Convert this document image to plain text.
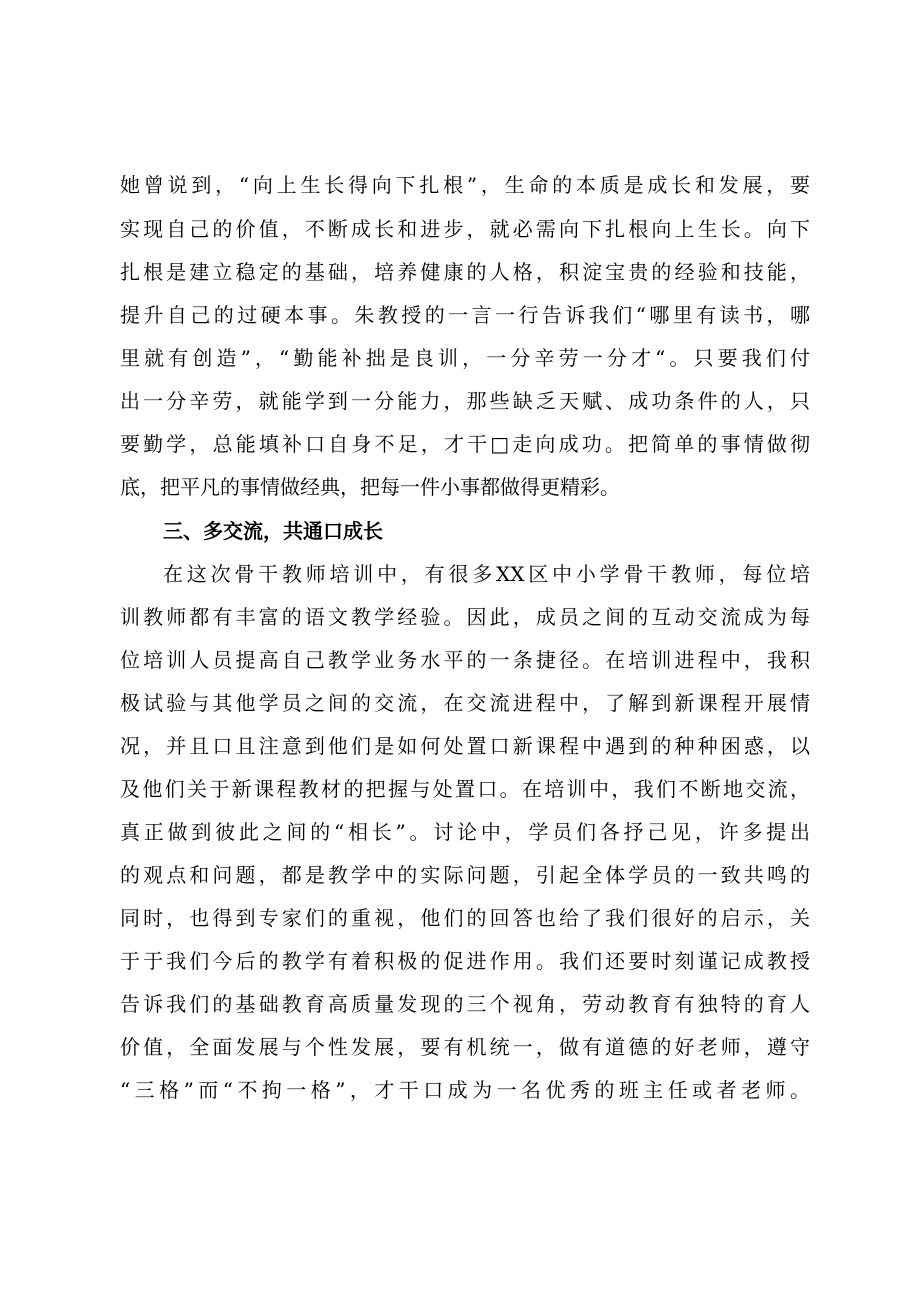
她曾说到，“向上生长得向下扎根”，生命的本质是成长和发展，要
实现自己的价值，不断成长和进步，就必需向下扎根向上生长。向下
扎根是建立稳定的基础，培养健康的人格，积淀宝贵的经验和技能，
提升自己的过硬本事。朱教授的一言一行告诉我们“哪里有读书，哪
里就有创造”，“勤能补拙是良训，一分辛劳一分才“。只要我们付
出一分辛劳，就能学到一分能力，那些缺乏天赋、成功条件的人，只
要勤学，总能填补口自身不足，才干□走向成功。把简单的事情做彻
底，把平凡的事情做经典，把每一件小事都做得更精彩。
三、多交流，共通口成长
在这次骨干教师培训中，有很多XX区中小学骨干教师，每位培
训教师都有丰富的语文教学经验。因此，成员之间的互动交流成为每
位培训人员提高自己教学业务水平的一条捷径。在培训进程中，我积
极试验与其他学员之间的交流，在交流进程中，了解到新课程开展情
况，并且口且注意到他们是如何处置口新课程中遇到的种种困惑，以
及他们关于新课程教材的把握与处置口。在培训中，我们不断地交流，
真正做到彼此之间的“相长”。讨论中，学员们各抒己见，许多提出
的观点和问题，都是教学中的实际问题，引起全体学员的一致共鸣的
同时，也得到专家们的重视，他们的回答也给了我们很好的启示，关
于于我们今后的教学有着积极的促进作用。我们还要时刻谨记成教授
告诉我们的基础教育高质量发现的三个视角，劳动教育有独特的育人
价值，全面发展与个性发展，要有机统一，做有道德的好老师，遵守
“三格”而“不拘一格”，才干口成为一名优秀的班主任或者老师。
